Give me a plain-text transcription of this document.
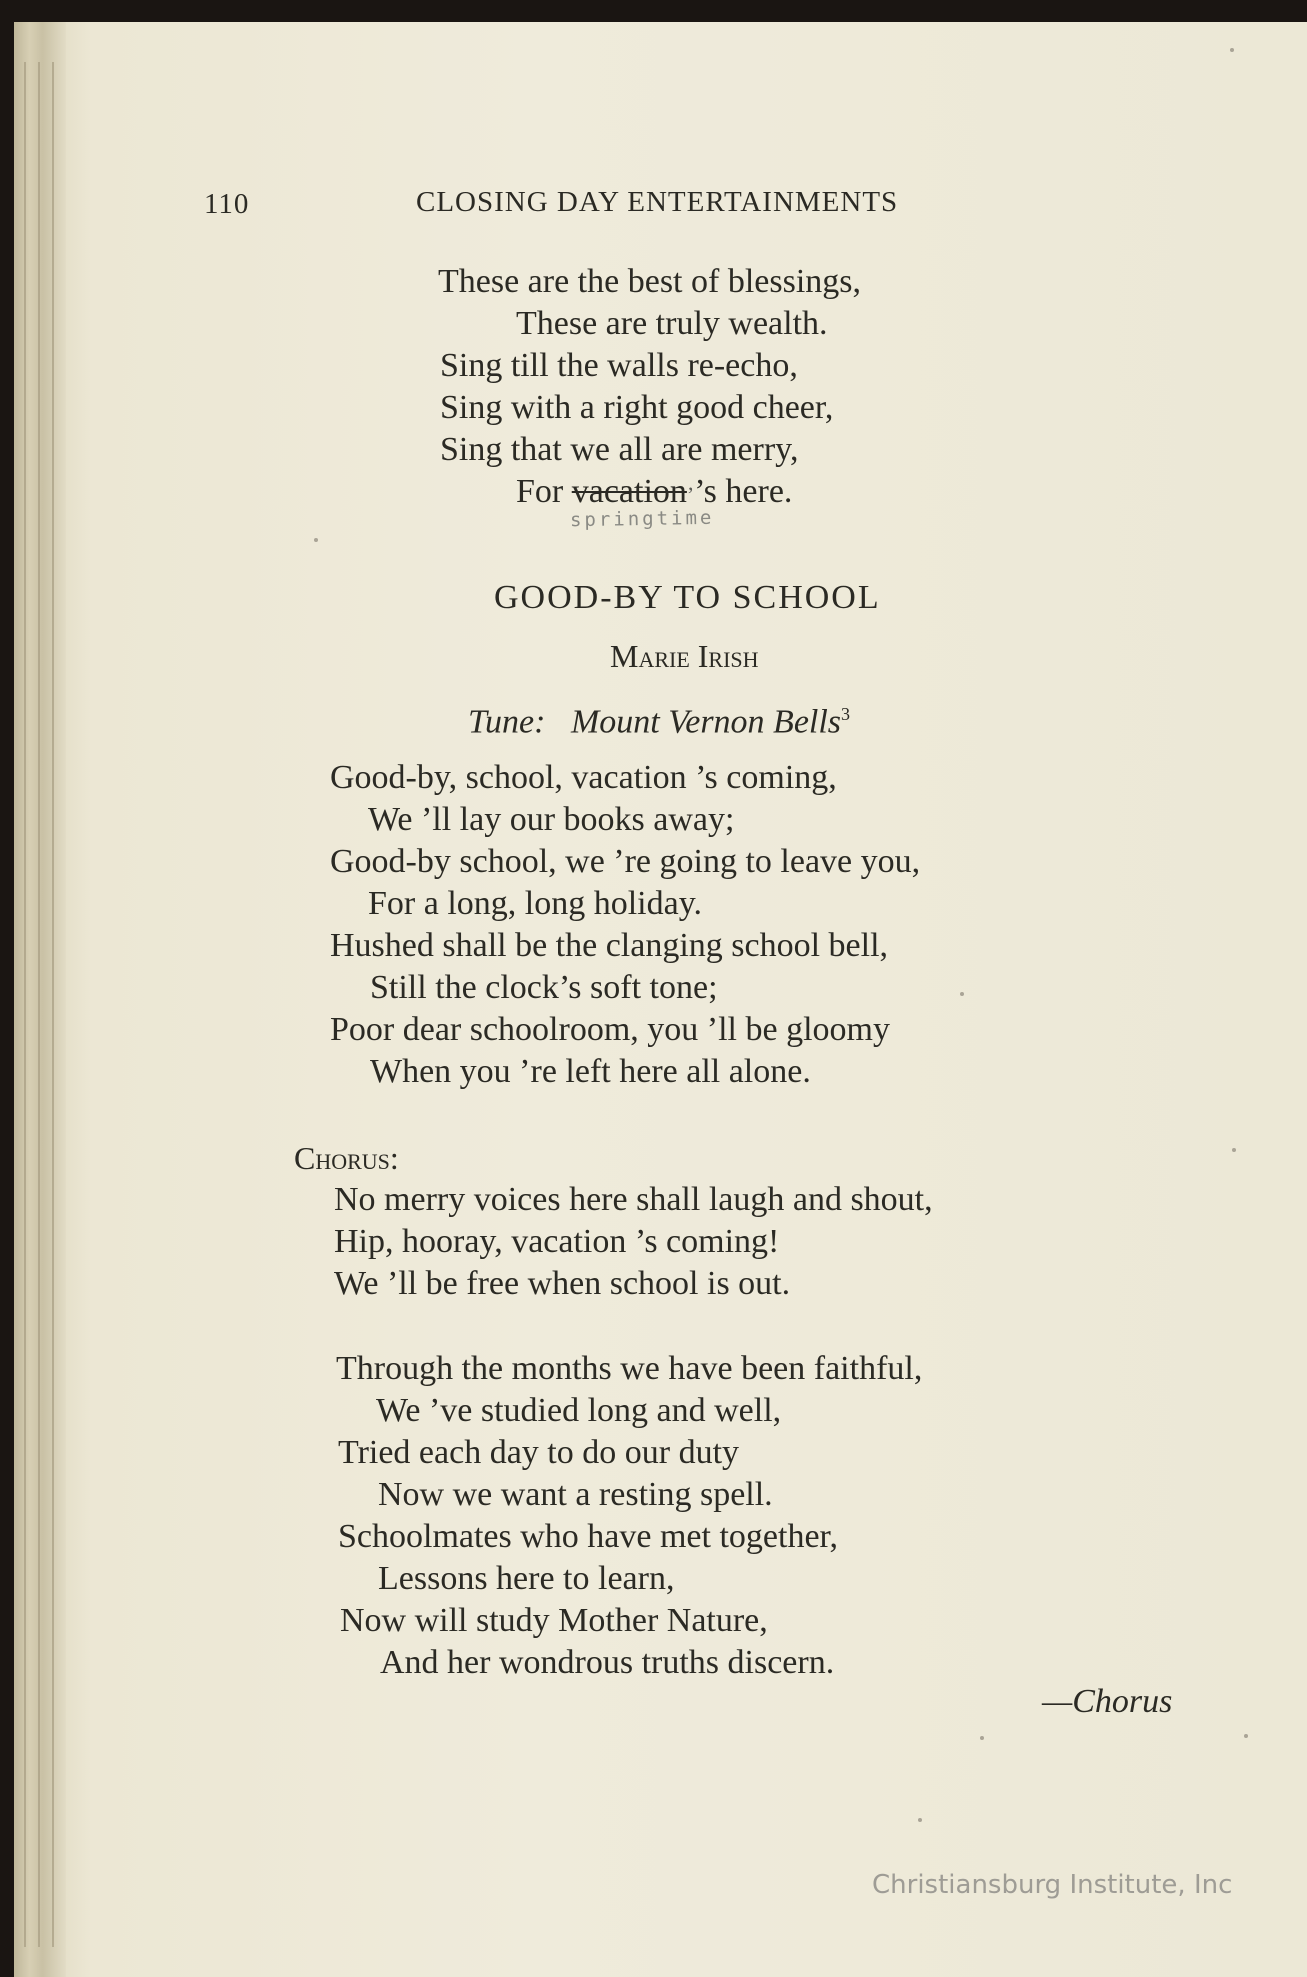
110	CLOSING DAY ENTERTAINMENTS
These are the best of blessings,
These are truly wealth.
Sing till the walls re-echo,
Sing with a right good cheer,
Sing that we all are merry,
For vacation’’s here.
springtime
GOOD-BY TO SCHOOL
Marie Irish
Tune: Mount Vernon Bells$^3$
Good-by, school, vacation ’s coming,
We ’ll lay our books away;
Good-by school, we ’re going to leave you,
For a long, long holiday.
Hushed shall be the clanging school bell,
Still the clock’s soft tone;
Poor dear schoolroom, you ’ll be gloomy
When you ’re left here all alone.
Chorus:
No merry voices here shall laugh and shout,
Hip, hooray, vacation ’s coming!
We ’ll be free when school is out.
Through the months we have been faithful,
We ’ve studied long and well,
Tried each day to do our duty
Now we want a resting spell.
Schoolmates who have met together,
Lessons here to learn,
Now will study Mother Nature,
And her wondrous truths discern.
—Chorus
Christiansburg Institute, Inc
